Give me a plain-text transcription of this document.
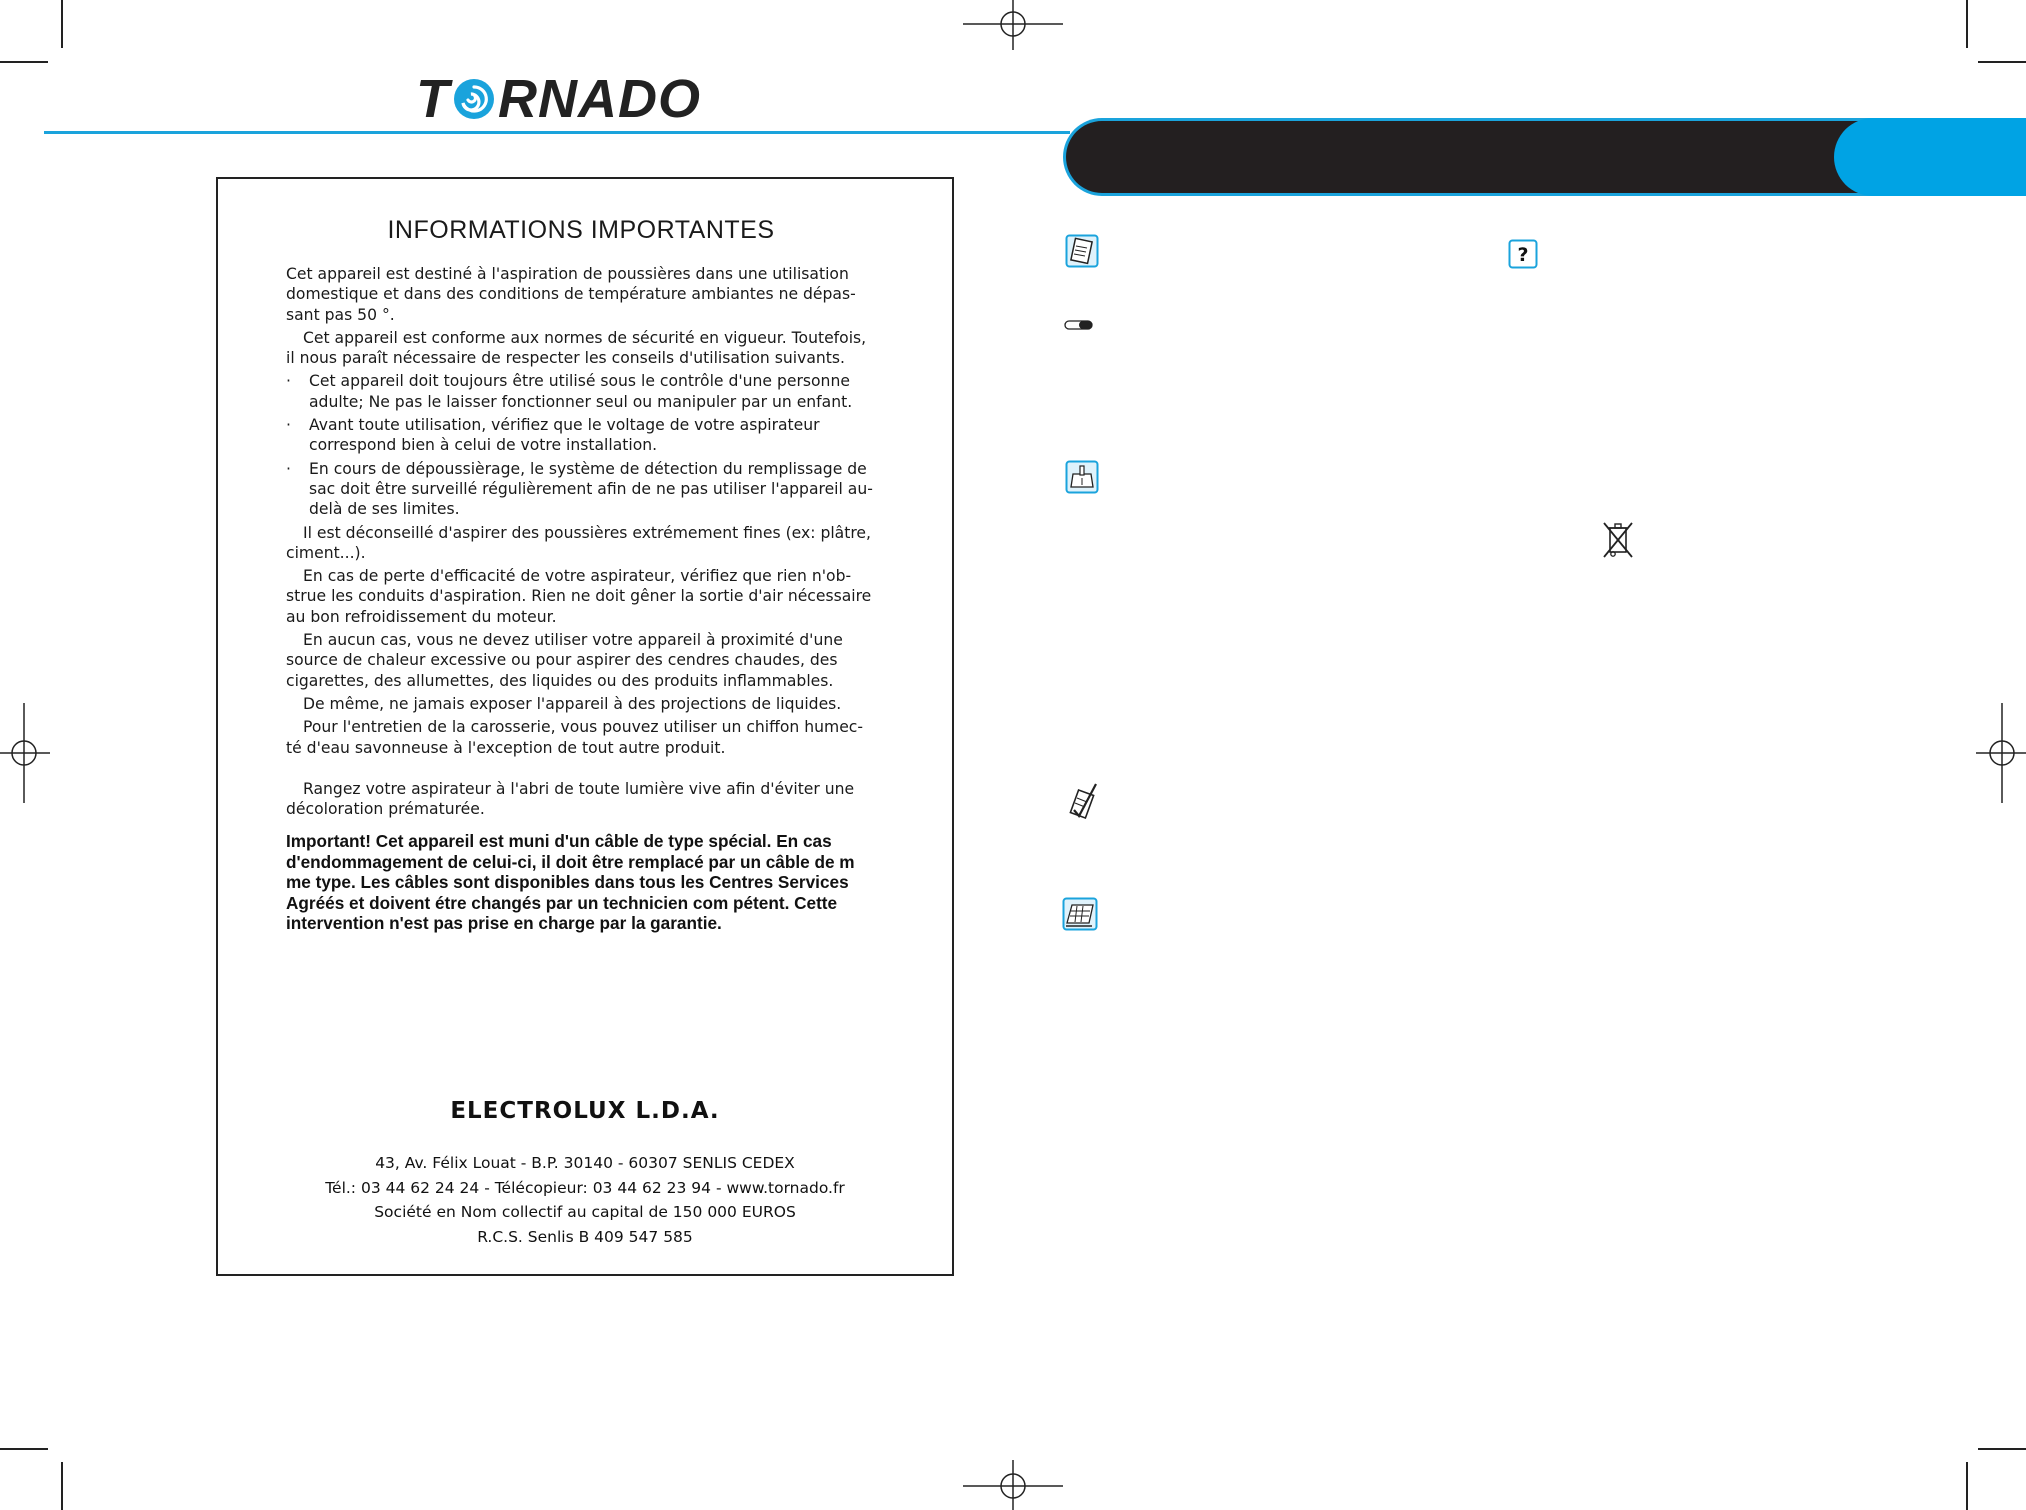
T RNADO
INFORMATIONS IMPORTANTES

Cet appareil est destiné à l'aspiration de poussières dans une utilisation domestique et dans des conditions de température ambiantes ne dépas-sant pas 50 °.

Cet appareil est conforme aux normes de sécurité en vigueur. Toutefois, il nous paraît nécessaire de respecter les conseils d'utilisation suivants.

· Cet appareil doit toujours être utilisé sous le contrôle d'une personne adulte; Ne pas le laisser fonctionner seul ou manipuler par un enfant.
· Avant toute utilisation, vérifiez que le voltage de votre aspirateur correspond bien à celui de votre installation.
· En cours de dépoussièrage, le système de détection du remplissage de sac doit être surveillé régulièrement afin de ne pas utiliser l'appareil au-delà de ses limites.

Il est déconseillé d'aspirer des poussières extrémement fines (ex: plâtre, ciment...).

En cas de perte d'efficacité de votre aspirateur, vérifiez que rien n'ob-strue les conduits d'aspiration. Rien ne doit gêner la sortie d'air nécessaire au bon refroidissement du moteur.

En aucun cas, vous ne devez utiliser votre appareil à proximité d'une source de chaleur excessive ou pour aspirer des cendres chaudes, des cigarettes, des allumettes, des liquides ou des produits inflammables.

De même, ne jamais exposer l'appareil à des projections de liquides.

Pour l'entretien de la carosserie, vous pouvez utiliser un chiffon humec-té d'eau savonneuse à l'exception de tout autre produit.

Rangez votre aspirateur à l'abri de toute lumière vive afin d'éviter une décoloration prématurée.

Important! Cet appareil est muni d'un câble de type spécial. En cas d'endommagement de celui-ci, il doit être remplacé par un câble de m me type. Les câbles sont disponibles dans tous les Centres Services Agréés et doivent étre changés par un technicien com pétent. Cette intervention n'est pas prise en charge par la garantie.
ELECTROLUX L.D.A.
43, Av. Félix Louat - B.P. 30140 - 60307 SENLIS CEDEX
Tél.: 03 44 62 24 24 - Télécopieur: 03 44 62 23 94 - www.tornado.fr
Société en Nom collectif au capital de 150 000 EUROS
R.C.S. Senlis B 409 547 585
?
